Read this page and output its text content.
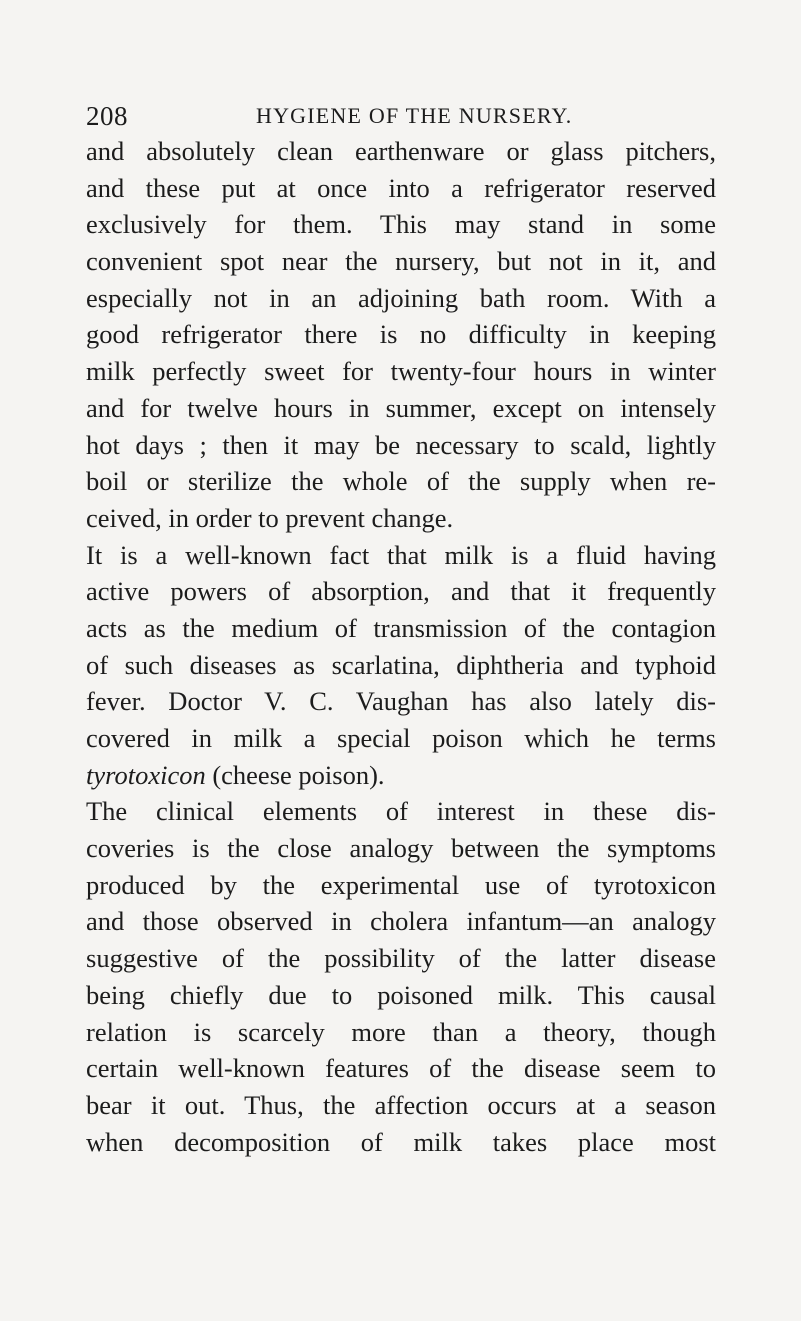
208	HYGIENE OF THE NURSERY.
and absolutely clean earthenware or glass pitchers,
and these put at once into a refrigerator reserved
exclusively for them. This may stand in some
convenient spot near the nursery, but not in it, and
especially not in an adjoining bath room. With a
good refrigerator there is no difficulty in keeping
milk perfectly sweet for twenty-four hours in winter
and for twelve hours in summer, except on intensely
hot days ; then it may be necessary to scald, lightly
boil or sterilize the whole of the supply when re-
ceived, in order to prevent change.
It is a well-known fact that milk is a fluid having
active powers of absorption, and that it frequently
acts as the medium of transmission of the contagion
of such diseases as scarlatina, diphtheria and typhoid
fever. Doctor V. C. Vaughan has also lately dis-
covered in milk a special poison which he terms
tyrotoxicon (cheese poison).
The clinical elements of interest in these dis-
coveries is the close analogy between the symptoms
produced by the experimental use of tyrotoxicon
and those observed in cholera infantum—an analogy
suggestive of the possibility of the latter disease
being chiefly due to poisoned milk. This causal
relation is scarcely more than a theory, though
certain well-known features of the disease seem to
bear it out. Thus, the affection occurs at a season
when decomposition of milk takes place most
